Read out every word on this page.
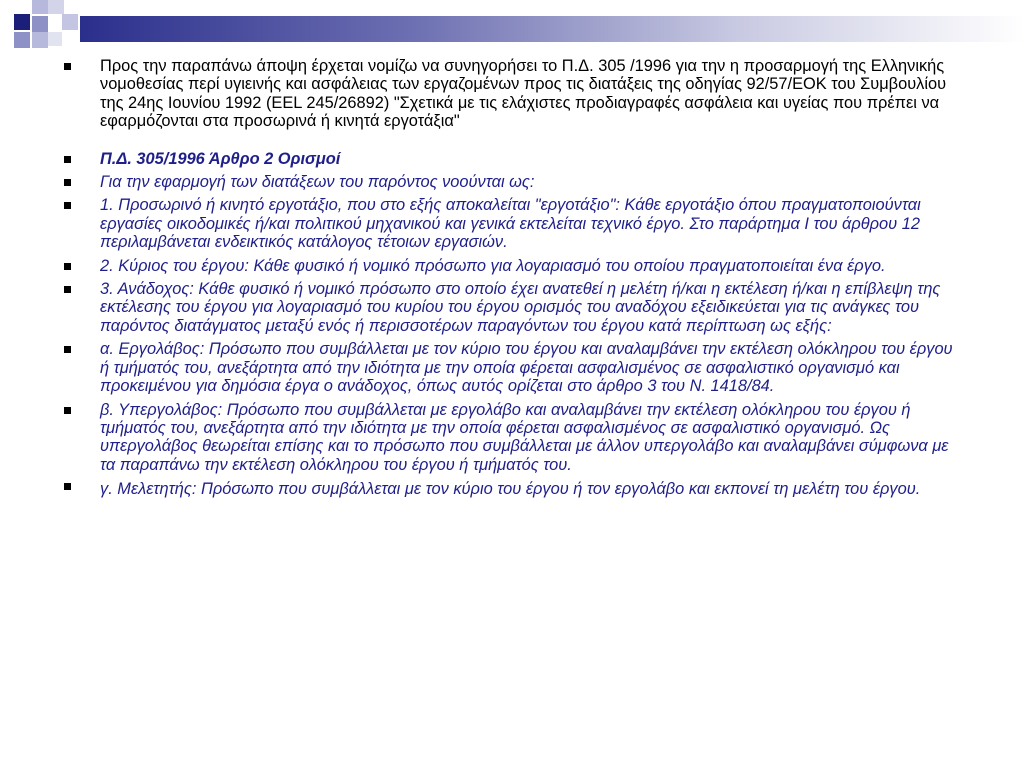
Προς την παραπάνω άποψη έρχεται νομίζω να συνηγορήσει το Π.Δ. 305 /1996 για την η προσαρμογή της Ελληνικής νομοθεσίας περί υγιεινής και ασφάλειας των εργαζομένων προς τις διατάξεις της οδηγίας 92/57/ΕΟΚ του Συμβουλίου της 24ης Ιουνίου 1992 (ΕΕL 245/26892) "Σχετικά με τις ελάχιστες προδιαγραφές ασφάλεια και υγείας που πρέπει να εφαρμόζονται στα προσωρινά ή κινητά εργοτάξια"
Π.Δ. 305/1996 Άρθρο 2 Ορισμοί
Για την εφαρμογή των διατάξεων του παρόντος νοούνται ως:
1. Προσωρινό ή κινητό εργοτάξιο, που στο εξής αποκαλείται "εργοτάξιο": Κάθε εργοτάξιο όπου πραγματοποιούνται εργασίες οικοδομικές ή/και πολιτικού μηχανικού και γενικά εκτελείται τεχνικό έργο. Στο παράρτημα I του άρθρου 12 περιλαμβάνεται ενδεικτικός κατάλογος τέτοιων εργασιών.
2. Κύριος του έργου: Κάθε φυσικό ή νομικό πρόσωπο για λογαριασμό του οποίου πραγματοποιείται ένα έργο.
3. Ανάδοχος: Κάθε φυσικό ή νομικό πρόσωπο στο οποίο έχει ανατεθεί η μελέτη ή/και η εκτέλεση ή/και η επίβλεψη της εκτέλεσης του έργου για λογαριασμό του κυρίου του έργου ορισμός του αναδόχου εξειδικεύεται για τις ανάγκες του παρόντος διατάγματος μεταξύ ενός ή περισσοτέρων παραγόντων του έργου κατά περίπτωση ως εξής:
α. Εργολάβος: Πρόσωπο που συμβάλλεται με τον κύριο του έργου και αναλαμβάνει την εκτέλεση ολόκληρου του έργου ή τμήματός του, ανεξάρτητα από την ιδιότητα με την οποία φέρεται ασφαλισμένος σε ασφαλιστικό οργανισμό και προκειμένου για δημόσια έργα ο ανάδοχος, όπως αυτός ορίζεται στο άρθρο 3 του Ν. 1418/84.
β. Υπεργολάβος: Πρόσωπο που συμβάλλεται με εργολάβο και αναλαμβάνει την εκτέλεση ολόκληρου του έργου ή τμήματός του, ανεξάρτητα από την ιδιότητα με την οποία φέρεται ασφαλισμένος σε ασφαλιστικό οργανισμό. Ως υπεργολάβος θεωρείται επίσης και το πρόσωπο που συμβάλλεται με άλλον υπεργολάβο και αναλαμβάνει σύμφωνα με τα παραπάνω την εκτέλεση ολόκληρου του έργου ή τμήματός του.
γ. Μελετητής: Πρόσωπο που συμβάλλεται με τον κύριο του έργου ή τον εργολάβο και εκπονεί τη μελέτη του έργου.
